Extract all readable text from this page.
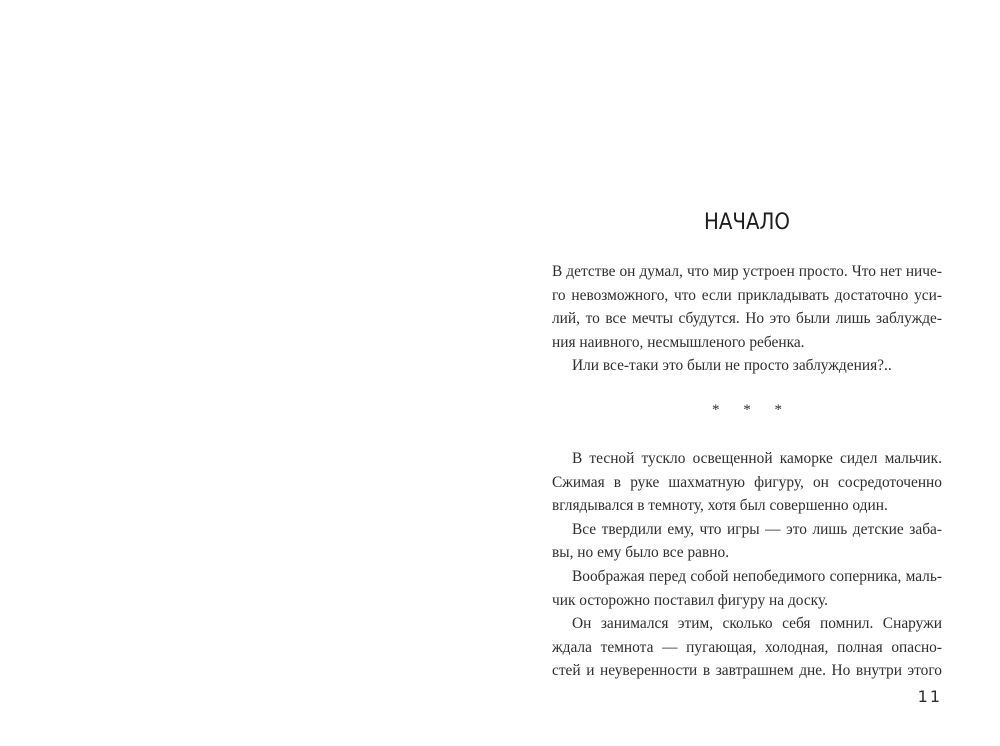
НАЧАЛО
В детстве он думал, что мир устроен просто. Что нет ниче-
го невозможного, что если прикладывать достаточно уси-
лий, то все мечты сбудутся. Но это были лишь заблужде-
ния наивного, несмышленого ребенка.
Или все-таки это были не просто заблуждения?..
* * *
В тесной тускло освещенной каморке сидел мальчик.
Сжимая в руке шахматную фигуру, он сосредоточенно
вглядывался в темноту, хотя был совершенно один.
Все твердили ему, что игры — это лишь детские заба-
вы, но ему было все равно.
Воображая перед собой непобедимого соперника, маль-
чик осторожно поставил фигуру на доску.
Он занимался этим, сколько себя помнил. Снаружи
ждала темнота — пугающая, холодная, полная опасно-
стей и неуверенности в завтрашнем дне. Но внутри этого
11
